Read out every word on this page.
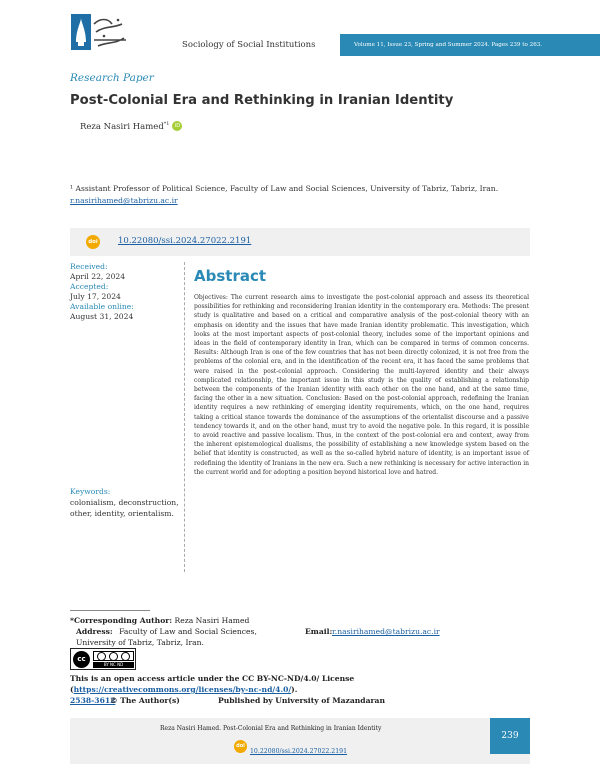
Sociology of Social Institutions	Volume 11, Issue 23, Spring and Summer 2024. Pages 239 to 263.
Research Paper
Post-Colonial Era and Rethinking in Iranian Identity
Reza Nasiri Hamed$^{*1}$ iD
¹ Assistant Professor of Political Science, Faculty of Law and Social Sciences, University of Tabriz, Tabriz, Iran.
r.nasirihamed@tabrizu.ac.ir
doi 10.22080/ssi.2024.27022.2191
Received:
April 22, 2024
Accepted:
July 17, 2024
Available online:
August 31, 2024
Keywords:
colonialism, deconstruction, other, identity, orientalism.
Abstract
Objectives: The current research aims to investigate the post-colonial approach and assess its theoretical possibilities for rethinking and reconsidering Iranian identity in the contemporary era. Methods: The present study is qualitative and based on a critical and comparative analysis of the post-colonial theory with an emphasis on identity and the issues that have made Iranian identity problematic. This investigation, which looks at the most important aspects of post-colonial theory, includes some of the important opinions and ideas in the field of contemporary identity in Iran, which can be compared in terms of common concerns. Results: Although Iran is one of the few countries that has not been directly colonized, it is not free from the problems of the colonial era, and in the identification of the recent era, it has faced the same problems that were raised in the post-colonial approach. Considering the multi-layered identity and their always complicated relationship, the important issue in this study is the quality of establishing a relationship between the components of the Iranian identity with each other on the one hand, and at the same time, facing the other in a new situation. Conclusion: Based on the post-colonial approach, redefining the Iranian identity requires a new rethinking of emerging identity requirements, which, on the one hand, requires taking a critical stance towards the dominance of the assumptions of the orientalist discourse and a passive tendency towards it, and on the other hand, must try to avoid the negative pole. In this regard, it is possible to avoid reactive and passive localism. Thus, in the context of the post-colonial era and context, away from the inherent epistemological dualisms, the possibility of establishing a new knowledge system based on the belief that identity is constructed, as well as the so-called hybrid nature of identity, is an important issue of redefining the identity of Iranians in the new era. Such a new rethinking is necessary for active interaction in the current world and for adopting a position beyond historical love and hatred.
*Corresponding Author: Reza Nasiri Hamed
Address: Faculty of Law and Social Sciences,
University of Tabriz, Tabriz, Iran.
Email: r.nasirihamed@tabrizu.ac.ir
cc
BY NC ND
This is an open access article under the CC BY-NC-ND/4.0/ License
(https://creativecommons.org/licenses/by-nc-nd/4.0/).
2538-3612
© The Author(s)	Published by University of Mazandaran
Reza Nasiri Hamed. Post-Colonial Era and Rethinking in Iranian Identity
239
doi
10.22080/ssi.2024.27022.2191
